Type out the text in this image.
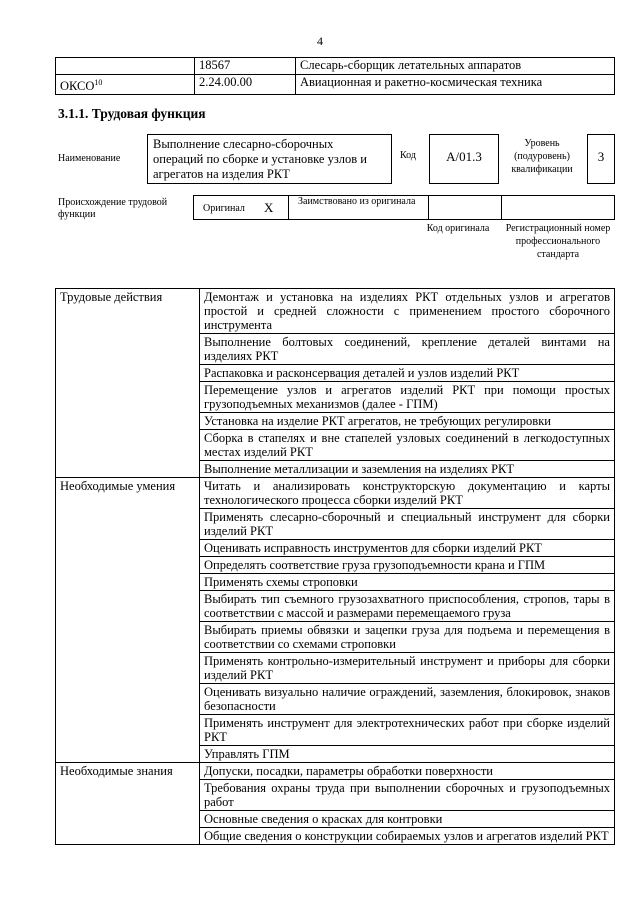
4
	18567	Слесарь-сборщик летательных аппаратов
ОКСО$^{10}$	2.24.00.00	Авиационная и ракетно-космическая техника
3.1.1. Трудовая функция
Наименование
Выполнение слесарно-сборочных операций по сборке и установке узлов и агрегатов на изделия РКТ
Код	А/01.3
Уровень (подуровень) квалификации
3
Происхождение трудовой функции
Оригинал X Заимствовано из оригинала
Код оригинала	Регистрационный номер профессионального стандарта
Трудовые действия	Демонтаж и установка на изделиях РКТ отдельных узлов и агрегатов простой и средней сложности с применением простого сборочного инструмента
	Выполнение болтовых соединений, крепление деталей винтами на изделиях РКТ
	Распаковка и расконсервация деталей и узлов изделий РКТ
	Перемещение узлов и агрегатов изделий РКТ при помощи простых грузоподъемных механизмов (далее - ГПМ)
	Установка на изделие РКТ агрегатов, не требующих регулировки
	Сборка в стапелях и вне стапелей узловых соединений в легкодоступных местах изделий РКТ
	Выполнение металлизации и заземления на изделиях РКТ
Необходимые умения	Читать и анализировать конструкторскую документацию и карты технологического процесса сборки изделий РКТ
	Применять слесарно-сборочный и специальный инструмент для сборки изделий РКТ
	Оценивать исправность инструментов для сборки изделий РКТ
	Определять соответствие груза грузоподъемности крана и ГПМ
	Применять схемы строповки
	Выбирать тип съемного грузозахватного приспособления, стропов, тары в соответствии с массой и размерами перемещаемого груза
	Выбирать приемы обвязки и зацепки груза для подъема и перемещения в соответствии со схемами строповки
	Применять контрольно-измерительный инструмент и приборы для сборки изделий РКТ
	Оценивать визуально наличие ограждений, заземления, блокировок, знаков безопасности
	Применять инструмент для электротехнических работ при сборке изделий РКТ
	Управлять ГПМ
Необходимые знания	Допуски, посадки, параметры обработки поверхности
	Требования охраны труда при выполнении сборочных и грузоподъемных работ
	Основные сведения о красках для контровки
	Общие сведения о конструкции собираемых узлов и агрегатов изделий РКТ
